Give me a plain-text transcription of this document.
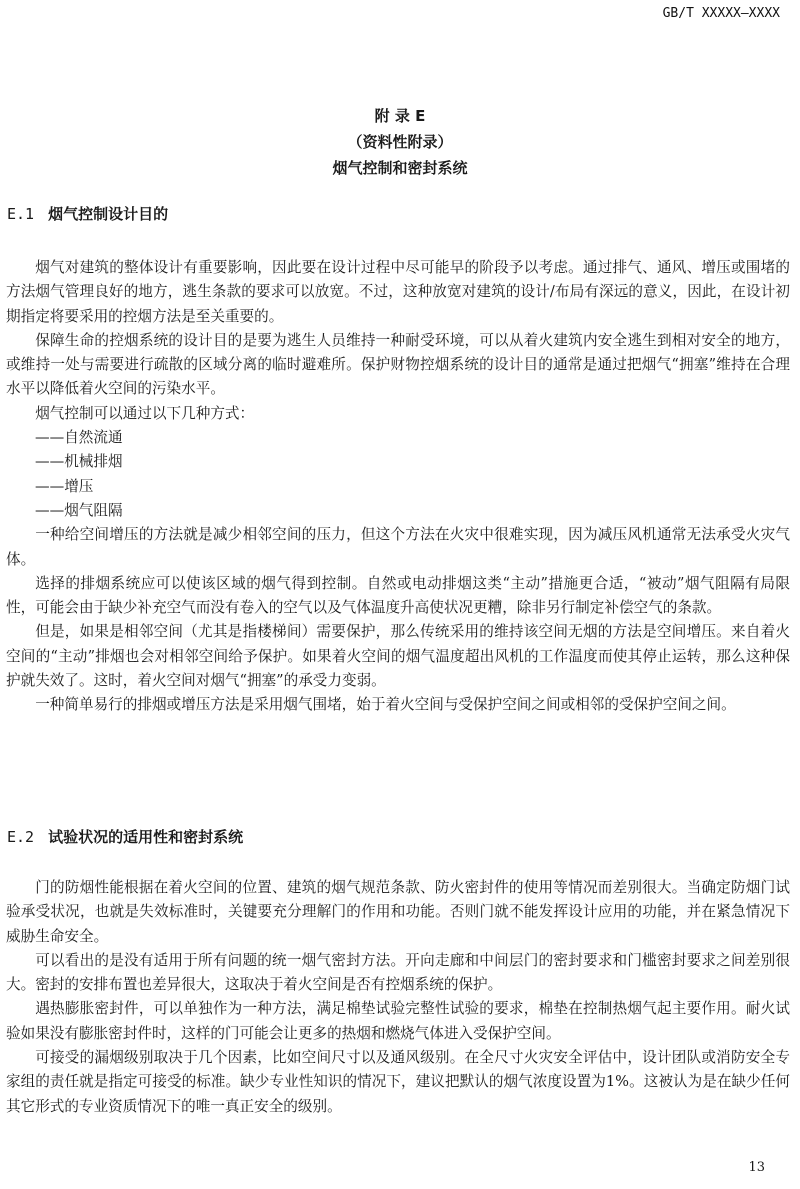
GB/T XXXXX—XXXX
附 录 E
（资料性附录）
烟气控制和密封系统
E.1 烟气控制设计目的

烟气对建筑的整体设计有重要影响，因此要在设计过程中尽可能早的阶段予以考虑。通过排气、通风、增压或围堵的方法烟气管理良好的地方，逃生条款的要求可以放宽。不过，这种放宽对建筑的设计/布局有深远的意义，因此，在设计初期指定将要采用的控烟方法是至关重要的。

保障生命的控烟系统的设计目的是要为逃生人员维持一种耐受环境，可以从着火建筑内安全逃生到相对安全的地方，或维持一处与需要进行疏散的区域分离的临时避难所。保护财物控烟系统的设计目的通常是通过把烟气“拥塞”维持在合理水平以降低着火空间的污染水平。

烟气控制可以通过以下几种方式：

——自然流通
——机械排烟
——增压
——烟气阻隔

一种给空间增压的方法就是减少相邻空间的压力，但这个方法在火灾中很难实现，因为减压风机通常无法承受火灾气体。

选择的排烟系统应可以使该区域的烟气得到控制。自然或电动排烟这类“主动”措施更合适，“被动”烟气阻隔有局限性，可能会由于缺少补充空气而没有卷入的空气以及气体温度升高使状况更糟，除非另行制定补偿空气的条款。

但是，如果是相邻空间（尤其是指楼梯间）需要保护，那么传统采用的维持该空间无烟的方法是空间增压。来自着火空间的“主动”排烟也会对相邻空间给予保护。如果着火空间的烟气温度超出风机的工作温度而使其停止运转，那么这种保护就失效了。这时，着火空间对烟气“拥塞”的承受力变弱。

一种简单易行的排烟或增压方法是采用烟气围堵，始于着火空间与受保护空间之间或相邻的受保护空间之间。

E.2 试验状况的适用性和密封系统

门的防烟性能根据在着火空间的位置、建筑的烟气规范条款、防火密封件的使用等情况而差别很大。当确定防烟门试验承受状况，也就是失效标准时，关键要充分理解门的作用和功能。否则门就不能发挥设计应用的功能，并在紧急情况下威胁生命安全。

可以看出的是没有适用于所有问题的统一烟气密封方法。开向走廊和中间层门的密封要求和门槛密封要求之间差别很大。密封的安排布置也差异很大，这取决于着火空间是否有控烟系统的保护。

遇热膨胀密封件，可以单独作为一种方法，满足棉垫试验完整性试验的要求，棉垫在控制热烟气起主要作用。耐火试验如果没有膨胀密封件时，这样的门可能会让更多的热烟和燃烧气体进入受保护空间。

可接受的漏烟级别取决于几个因素，比如空间尺寸以及通风级别。在全尺寸火灾安全评估中，设计团队或消防安全专家组的责任就是指定可接受的标准。缺少专业性知识的情况下，建议把默认的烟气浓度设置为1%。这被认为是在缺少任何其它形式的专业资质情况下的唯一真正安全的级别。

13
